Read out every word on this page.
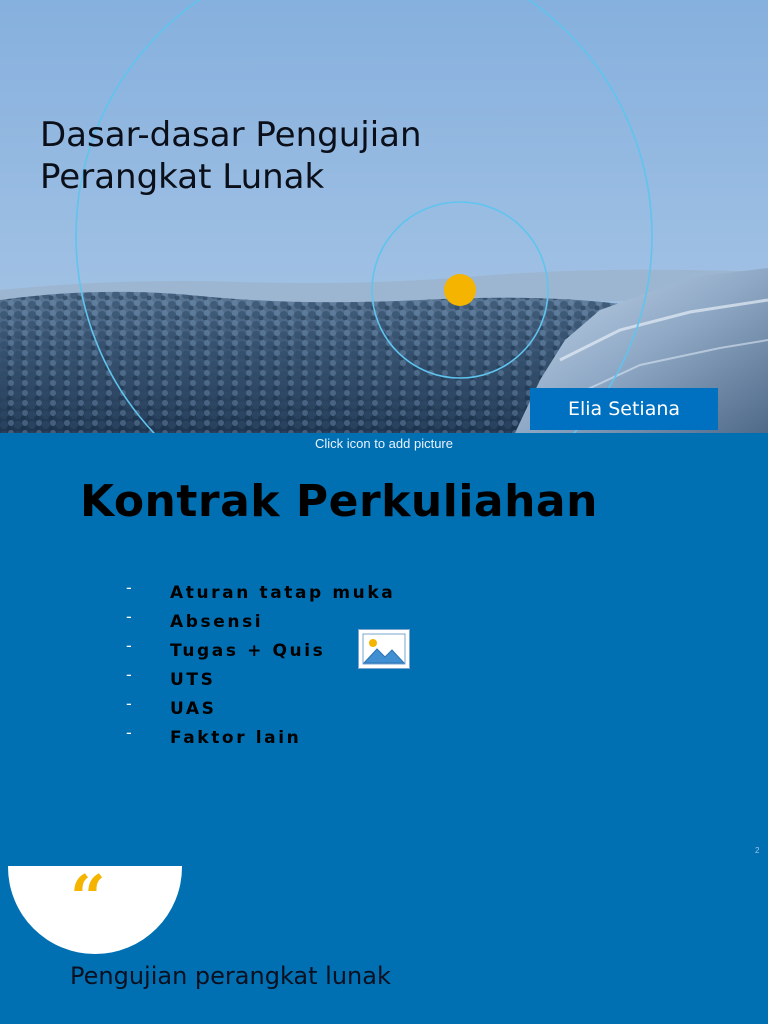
Dasar-dasar Pengujian Perangkat Lunak
Elia Setiana
Click icon to add picture
Kontrak Perkuliahan
-	Aturan tatap muka
-	Absensi
-	Tugas + Quis
-	UTS
-	UAS
-	Faktor lain
2
“
Pengujian perangkat lunak
